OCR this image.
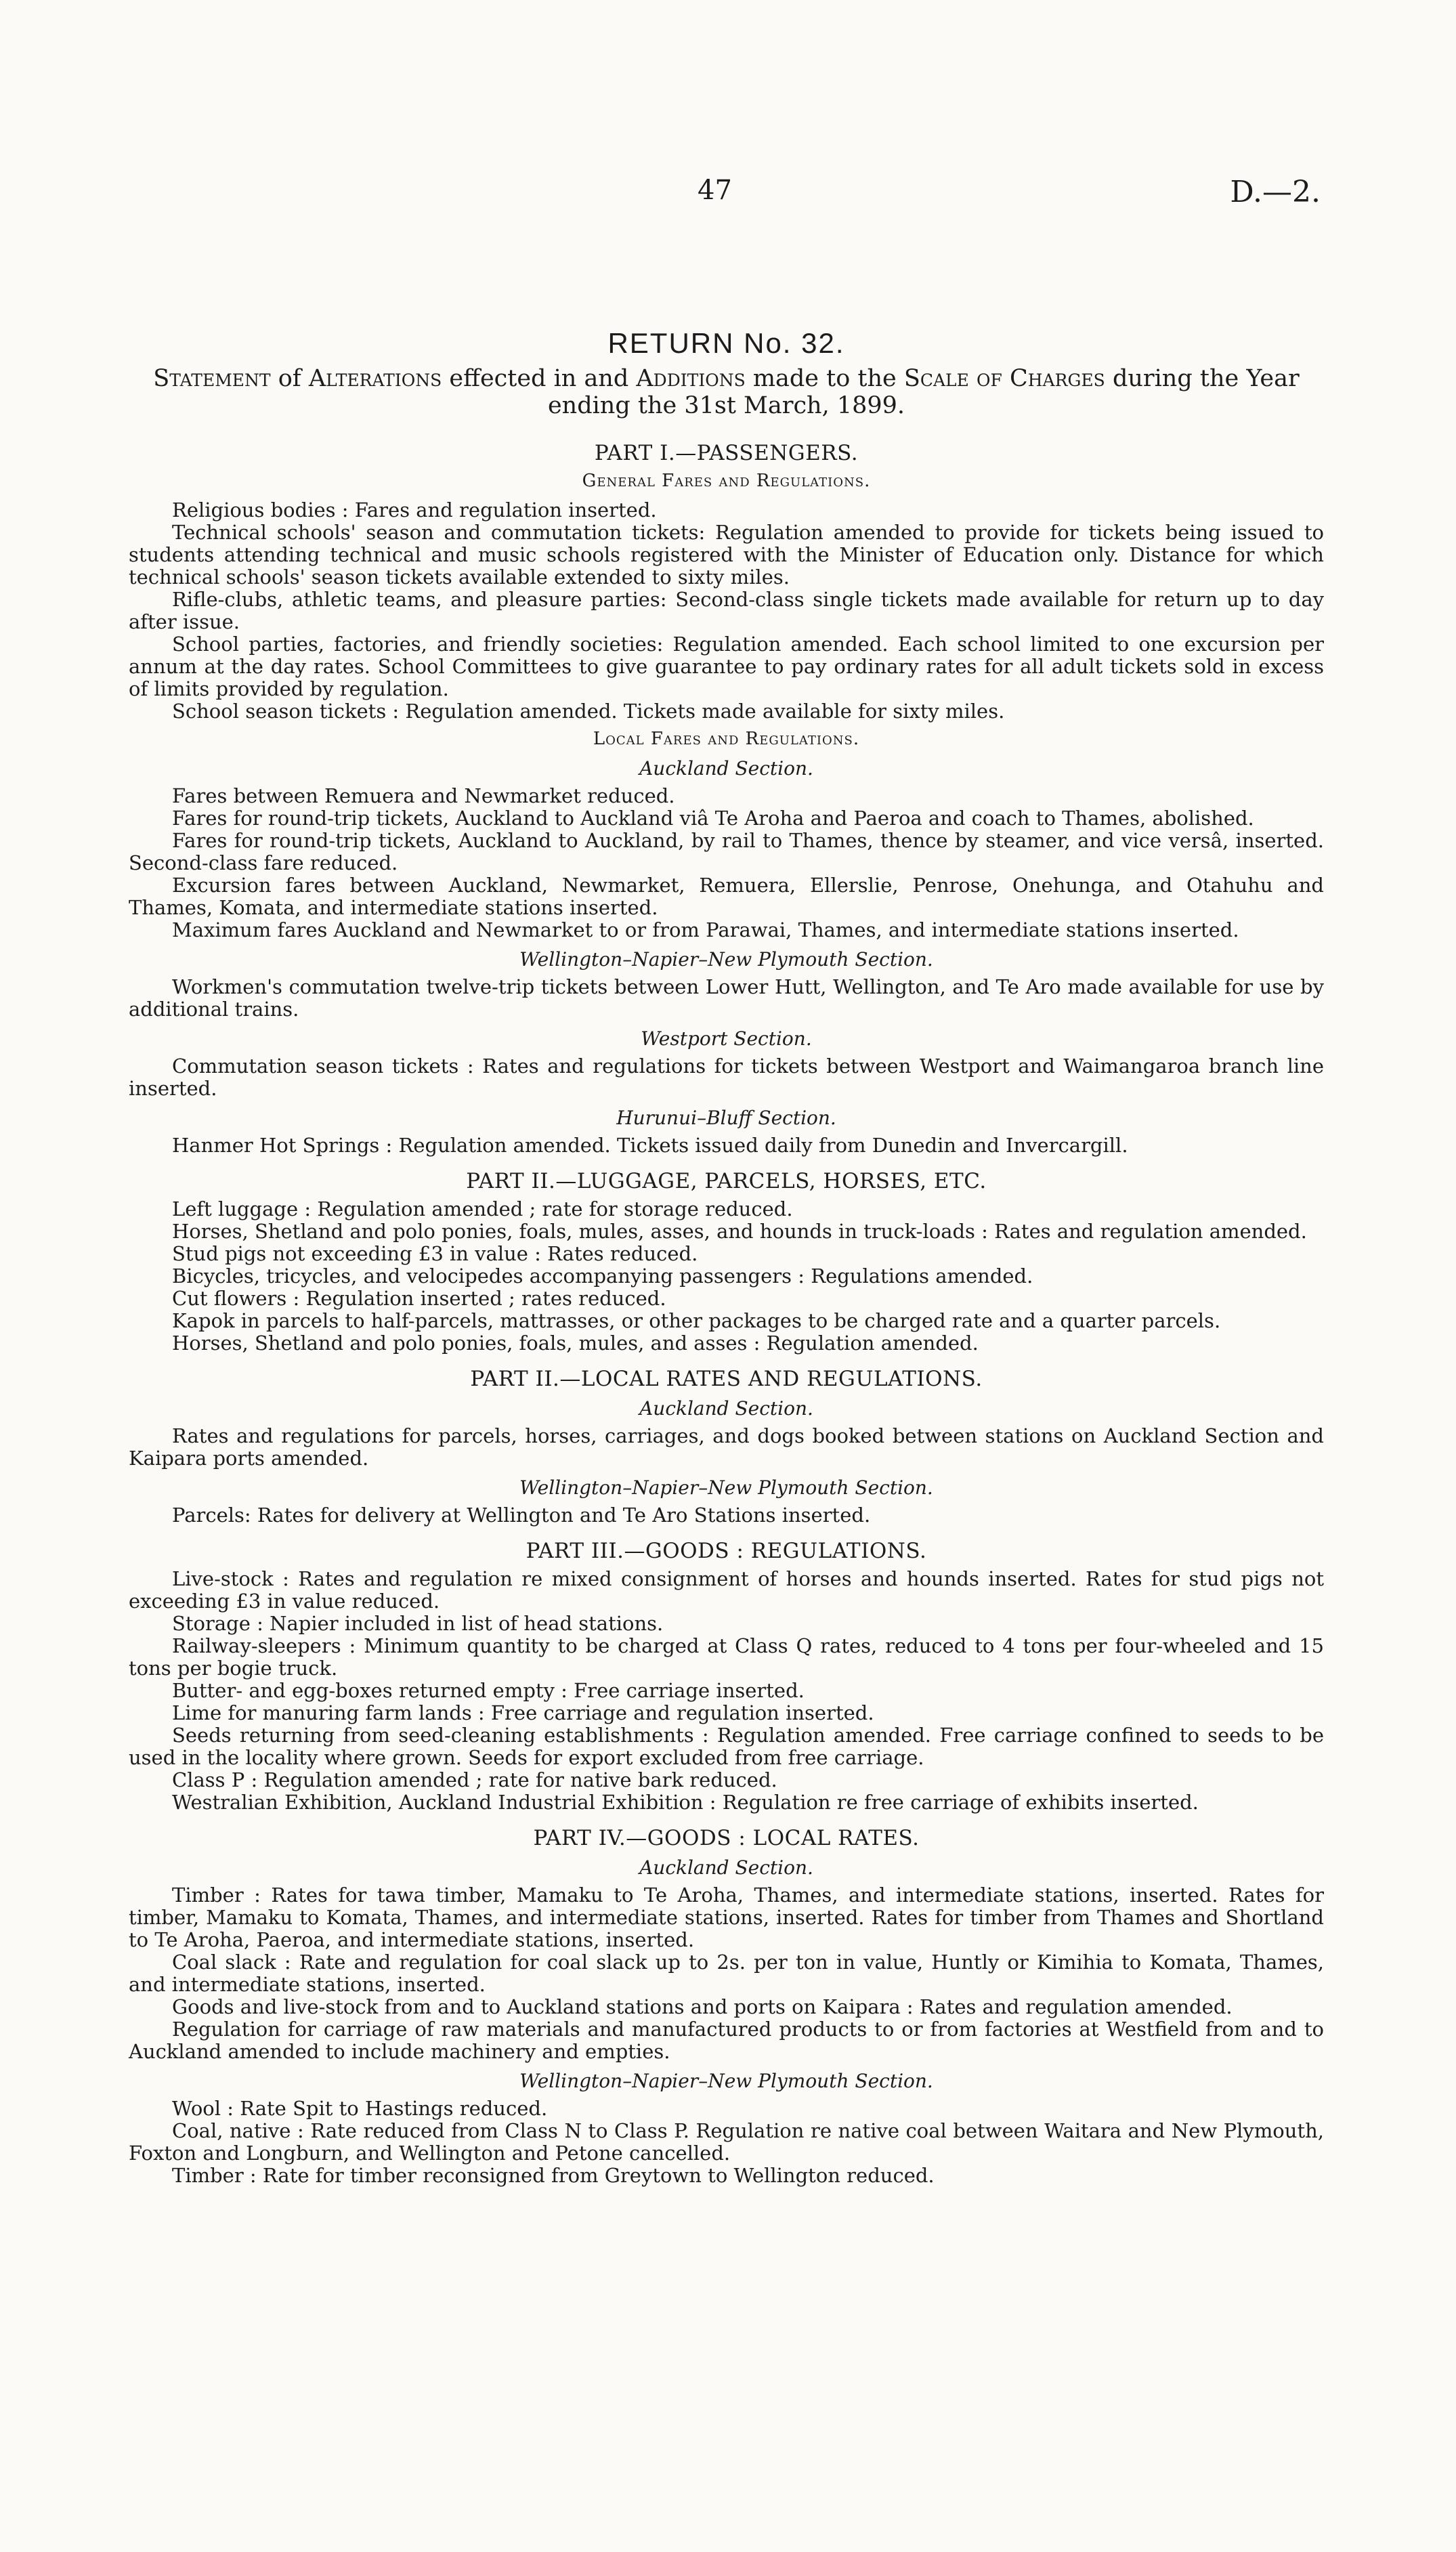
47	D.—2.
RETURN No. 32.
Statement of Alterations effected in and Additions made to the Scale of Charges during the Year ending the 31st March, 1899.
PART I.—PASSENGERS.
General Fares and Regulations.

Religious bodies : Fares and regulation inserted.

Technical schools' season and commutation tickets: Regulation amended to provide for tickets being issued to students attending technical and music schools registered with the Minister of Education only. Distance for which technical schools' season tickets available extended to sixty miles.

Rifle-clubs, athletic teams, and pleasure parties: Second-class single tickets made available for return up to day after issue.

School parties, factories, and friendly societies: Regulation amended. Each school limited to one excursion per annum at the day rates. School Committees to give guarantee to pay ordinary rates for all adult tickets sold in excess of limits provided by regulation.

School season tickets : Regulation amended. Tickets made available for sixty miles.

Local Fares and Regulations.
Auckland Section.

Fares between Remuera and Newmarket reduced.

Fares for round-trip tickets, Auckland to Auckland viâ Te Aroha and Paeroa and coach to Thames, abolished.

Fares for round-trip tickets, Auckland to Auckland, by rail to Thames, thence by steamer, and vice versâ, inserted. Second-class fare reduced.

Excursion fares between Auckland, Newmarket, Remuera, Ellerslie, Penrose, Onehunga, and Otahuhu and Thames, Komata, and intermediate stations inserted.

Maximum fares Auckland and Newmarket to or from Parawai, Thames, and intermediate stations inserted.

Wellington–Napier–New Plymouth Section.

Workmen's commutation twelve-trip tickets between Lower Hutt, Wellington, and Te Aro made available for use by additional trains.

Westport Section.

Commutation season tickets : Rates and regulations for tickets between Westport and Waimangaroa branch line inserted.

Hurunui–Bluff Section.

Hanmer Hot Springs : Regulation amended. Tickets issued daily from Dunedin and Invercargill.

PART II.—LUGGAGE, PARCELS, HORSES, ETC.

Left luggage : Regulation amended ; rate for storage reduced.

Horses, Shetland and polo ponies, foals, mules, asses, and hounds in truck-loads : Rates and regulation amended.

Stud pigs not exceeding £3 in value : Rates reduced.

Bicycles, tricycles, and velocipedes accompanying passengers : Regulations amended.

Cut flowers : Regulation inserted ; rates reduced.

Kapok in parcels to half-parcels, mattrasses, or other packages to be charged rate and a quarter parcels.

Horses, Shetland and polo ponies, foals, mules, and asses : Regulation amended.

PART II.—LOCAL RATES AND REGULATIONS.
Auckland Section.

Rates and regulations for parcels, horses, carriages, and dogs booked between stations on Auckland Section and Kaipara ports amended.

Wellington–Napier–New Plymouth Section.

Parcels: Rates for delivery at Wellington and Te Aro Stations inserted.

PART III.—GOODS : REGULATIONS.

Live-stock : Rates and regulation re mixed consignment of horses and hounds inserted. Rates for stud pigs not exceeding £3 in value reduced.

Storage : Napier included in list of head stations.

Railway-sleepers : Minimum quantity to be charged at Class Q rates, reduced to 4 tons per four-wheeled and 15 tons per bogie truck.

Butter- and egg-boxes returned empty : Free carriage inserted.

Lime for manuring farm lands : Free carriage and regulation inserted.

Seeds returning from seed-cleaning establishments : Regulation amended. Free carriage confined to seeds to be used in the locality where grown. Seeds for export excluded from free carriage.

Class P : Regulation amended ; rate for native bark reduced.

Westralian Exhibition, Auckland Industrial Exhibition : Regulation re free carriage of exhibits inserted.

PART IV.—GOODS : LOCAL RATES.
Auckland Section.

Timber : Rates for tawa timber, Mamaku to Te Aroha, Thames, and intermediate stations, inserted. Rates for timber, Mamaku to Komata, Thames, and intermediate stations, inserted. Rates for timber from Thames and Shortland to Te Aroha, Paeroa, and intermediate stations, inserted.

Coal slack : Rate and regulation for coal slack up to 2s. per ton in value, Huntly or Kimihia to Komata, Thames, and intermediate stations, inserted.

Goods and live-stock from and to Auckland stations and ports on Kaipara : Rates and regulation amended.

Regulation for carriage of raw materials and manufactured products to or from factories at Westfield from and to Auckland amended to include machinery and empties.

Wellington–Napier–New Plymouth Section.

Wool : Rate Spit to Hastings reduced.

Coal, native : Rate reduced from Class N to Class P. Regulation re native coal between Waitara and New Plymouth, Foxton and Longburn, and Wellington and Petone cancelled.

Timber : Rate for timber reconsigned from Greytown to Wellington reduced.
